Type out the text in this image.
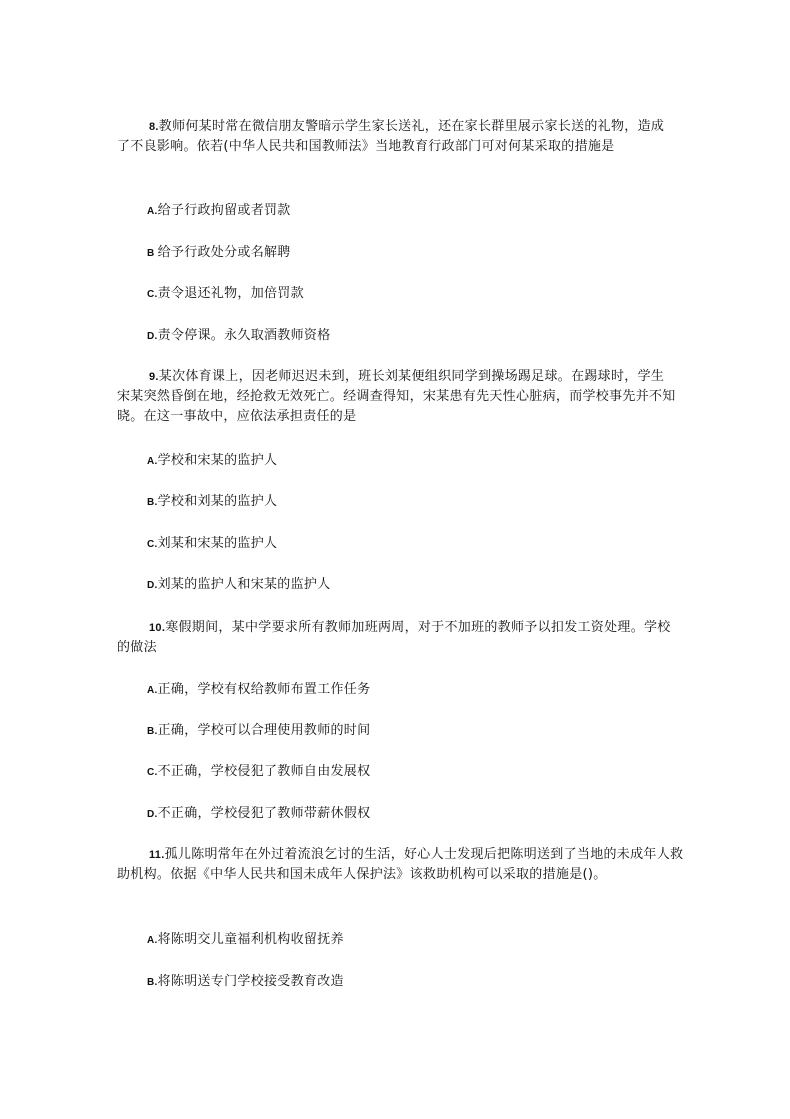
8.教师何某时常在微信朋友警暗示学生家长送礼，还在家长群里展示家长送的礼物，造成了不良影响。依若(中华人民共和国教师法》当地教育行政部门可对何某采取的措施是
A.给子行政拘留或者罚款
B 给予行政处分或名解聘
C.责令退还礼物，加倍罚款
D.责令停课。永久取酒教师资格
9.某次体育课上，因老师迟迟未到，班长刘某便组织同学到操场踢足球。在踢球时，学生宋某突然昏倒在地，经抢救无效死亡。经调查得知，宋某患有先天性心脏病，而学校事先并不知晓。在这一事故中，应依法承担责任的是
A.学校和宋某的监护人
B.学校和刘某的监护人
C.刘某和宋某的监护人
D.刘某的监护人和宋某的监护人
10.寒假期间，某中学要求所有教师加班两周，对于不加班的教师予以扣发工资处理。学校的做法
A.正确，学校有权给教师布置工作任务
B.正确，学校可以合理使用教师的时间
C.不正确，学校侵犯了教师自由发展权
D.不正确，学校侵犯了教师带薪休假权
11.孤儿陈明常年在外过着流浪乞讨的生活，好心人士发现后把陈明送到了当地的未成年人救助机构。依据《中华人民共和国未成年人保护法》该救助机构可以采取的措施是()。
A.将陈明交儿童福利机构收留抚养
B.将陈明送专门学校接受教育改造
